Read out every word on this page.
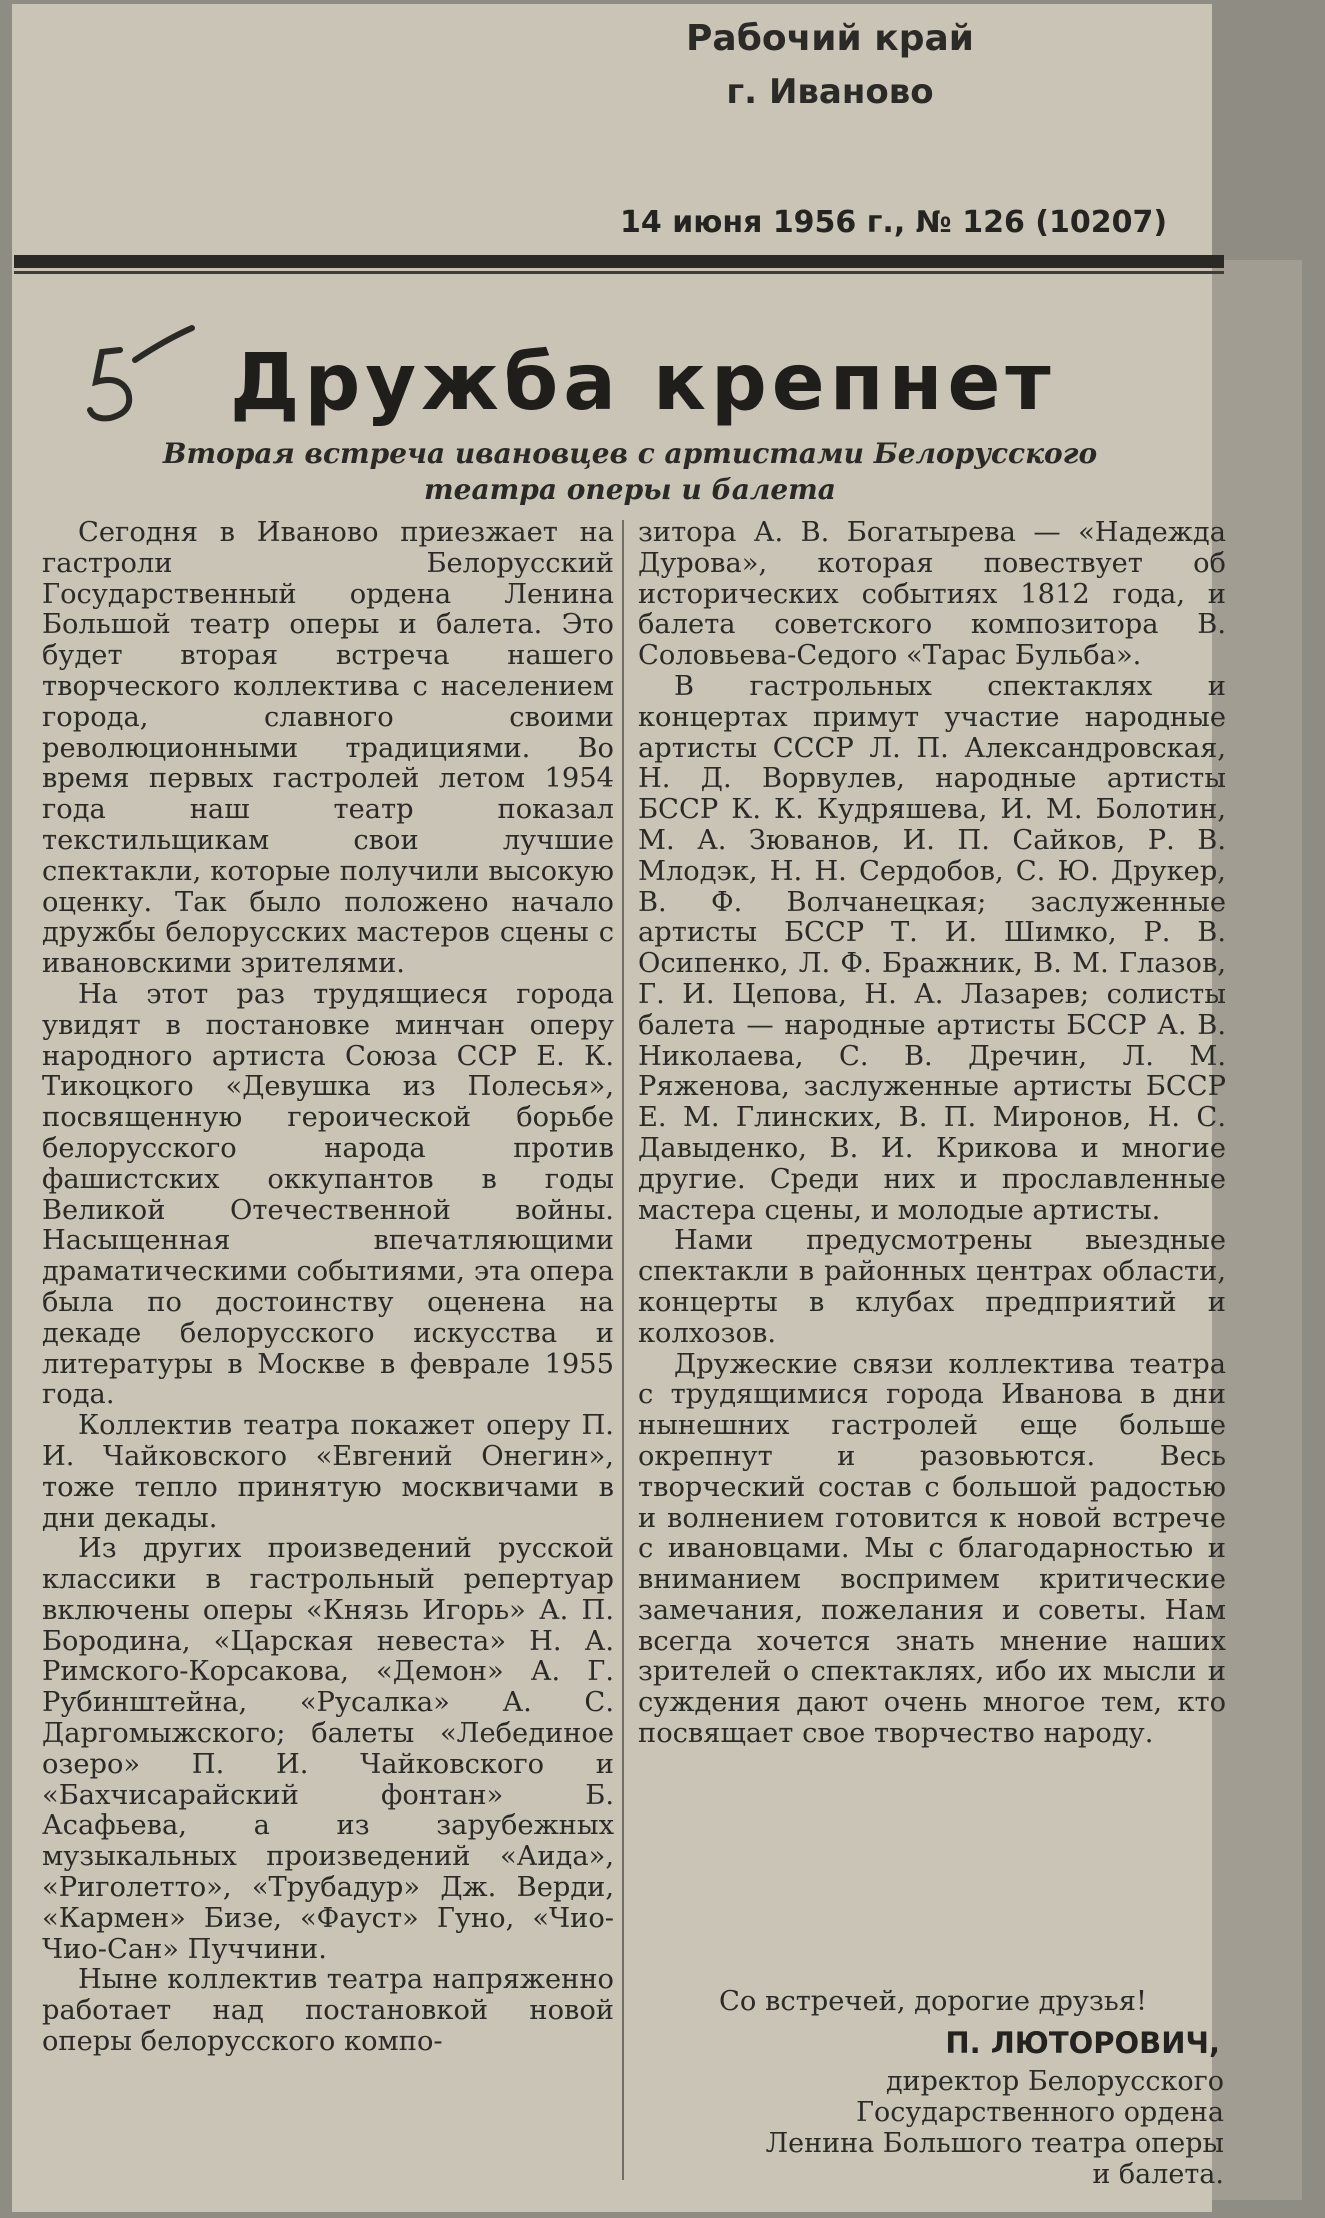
Рабочий край
г. Иваново
14 июня 1956 г., № 126 (10207)
Дружба крепнет
Вторая встреча ивановцев с артистами Белорусского театра оперы и балета

Сегодня в Иваново приезжает на гастроли Белорусский Государственный ордена Ленина Большой театр оперы и балета. Это будет вторая встреча нашего творческого коллектива с населением города, славного своими революционными традициями. Во время первых гастролей летом 1954 года наш театр показал текстильщикам свои лучшие спектакли, которые получили высокую оценку. Так было положено начало дружбы белорусских мастеров сцены с ивановскими зрителями.

На этот раз трудящиеся города увидят в постановке минчан оперу народного артиста Союза ССР Е. К. Тикоцкого «Девушка из Полесья», посвященную героической борьбе белорусского народа против фашистских оккупантов в годы Великой Отечественной войны. Насыщенная впечатляющими драматическими событиями, эта опера была по достоинству оценена на декаде белорусского искусства и литературы в Москве в феврале 1955 года.

Коллектив театра покажет оперу П. И. Чайковского «Евгений Онегин», тоже тепло принятую москвичами в дни декады.

Из других произведений русской классики в гастрольный репертуар включены оперы «Князь Игорь» А. П. Бородина, «Царская невеста» Н. А. Римского-Корсакова, «Демон» А. Г. Рубинштейна, «Русалка» А. С. Даргомыжского; балеты «Лебединое озеро» П. И. Чайковского и «Бахчисарайский фонтан» Б. Асафьева, а из зарубежных музыкальных произведений «Аида», «Риголетто», «Трубадур» Дж. Верди, «Кармен» Бизе, «Фауст» Гуно, «Чио-Чио-Сан» Пуччини.

Ныне коллектив театра напряженно работает над постановкой новой оперы белорусского компо-

зитора А. В. Богатырева — «Надежда Дурова», которая повествует об исторических событиях 1812 года, и балета советского композитора В. Соловьева-Седого «Тарас Бульба».

В гастрольных спектаклях и концертах примут участие народные артисты СССР Л. П. Александровская, Н. Д. Ворвулев, народные артисты БССР К. К. Кудряшева, И. М. Болотин, М. А. Зюванов, И. П. Сайков, Р. В. Млодэк, Н. Н. Сердобов, С. Ю. Друкер, В. Ф. Волчанецкая; заслуженные артисты БССР Т. И. Шимко, Р. В. Осипенко, Л. Ф. Бражник, В. М. Глазов, Г. И. Цепова, Н. А. Лазарев; солисты балета — народные артисты БССР А. В. Николаева, С. В. Дречин, Л. М. Ряженова, заслуженные артисты БССР Е. М. Глинских, В. П. Миронов, Н. С. Давыденко, В. И. Крикова и многие другие. Среди них и прославленные мастера сцены, и молодые артисты.

Нами предусмотрены выездные спектакли в районных центрах области, концерты в клубах предприятий и колхозов.

Дружеские связи коллектива театра с трудящимися города Иванова в дни нынешних гастролей еще больше окрепнут и разовьются. Весь творческий состав с большой радостью и волнением готовится к новой встрече с ивановцами. Мы с благодарностью и вниманием воспримем критические замечания, пожелания и советы. Нам всегда хочется знать мнение наших зрителей о спектаклях, ибо их мысли и суждения дают очень многое тем, кто посвящает свое творчество народу.

Со встречей, дорогие друзья!
П. ЛЮТОРОВИЧ,
директор Белорусского Государственного ордена Ленина Большого театра оперы и балета.
